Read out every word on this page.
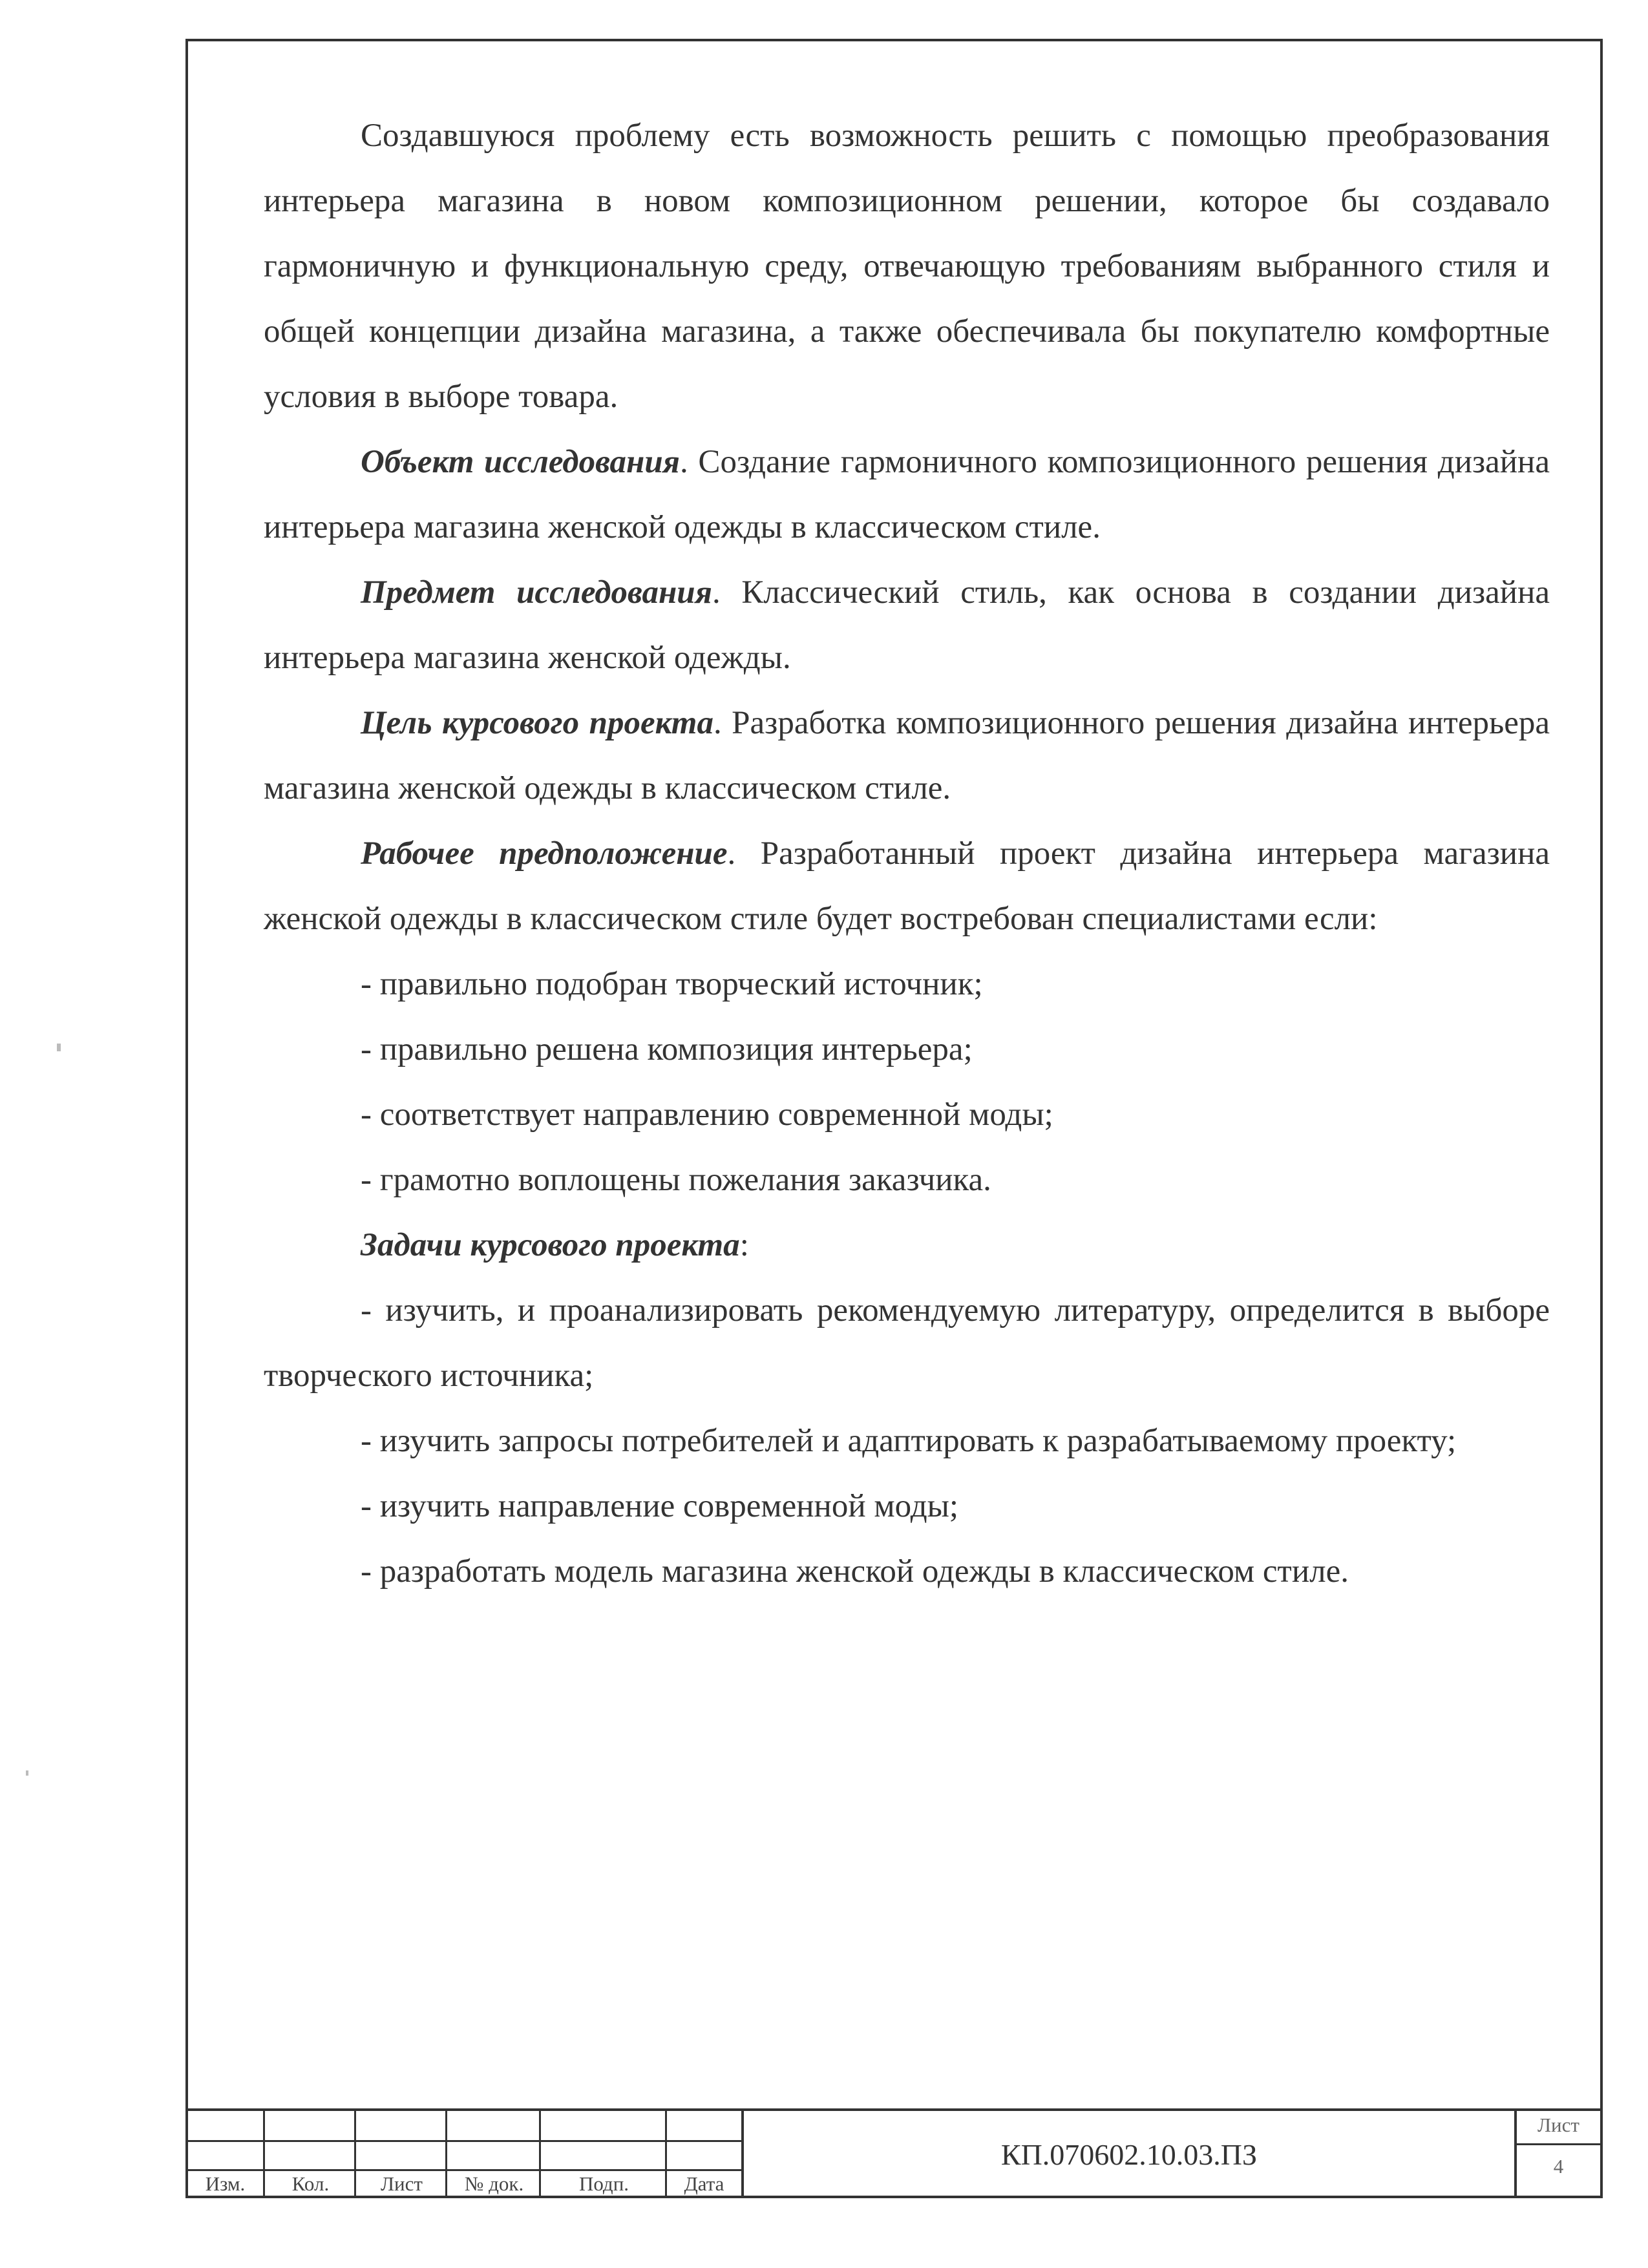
Создавшуюся проблему есть возможность решить с помощью преобразования интерьера магазина в новом композиционном решении, которое бы создавало гармоничную и функциональную среду, отвечающую требованиям выбранного стиля и общей концепции дизайна магазина, а также обеспечивала бы покупателю комфортные условия в выборе товара.

Объект исследования. Создание гармоничного композиционного решения дизайна интерьера магазина женской одежды в классическом стиле.

Предмет исследования. Классический стиль, как основа в создании дизайна интерьера магазина женской одежды.

Цель курсового проекта. Разработка композиционного решения дизайна интерьера магазина женской одежды в классическом стиле.

Рабочее предположение. Разработанный проект дизайна интерьера магазина женской одежды в классическом стиле будет востребован специалистами если:

- правильно подобран творческий источник;

- правильно решена композиция интерьера;

- соответствует направлению современной моды;

- грамотно воплощены пожелания заказчика.

Задачи курсового проекта:

- изучить, и проанализировать рекомендуемую литературу, определится в выборе творческого источника;

- изучить запросы потребителей и адаптировать к разрабатываемому проекту;

- изучить направление современной моды;

- разработать модель магазина женской одежды в классическом стиле.

Изм.	Кол.	Лист	№ док.	Подп.	Дата
КП.070602.10.03.ПЗ
Лист
4
